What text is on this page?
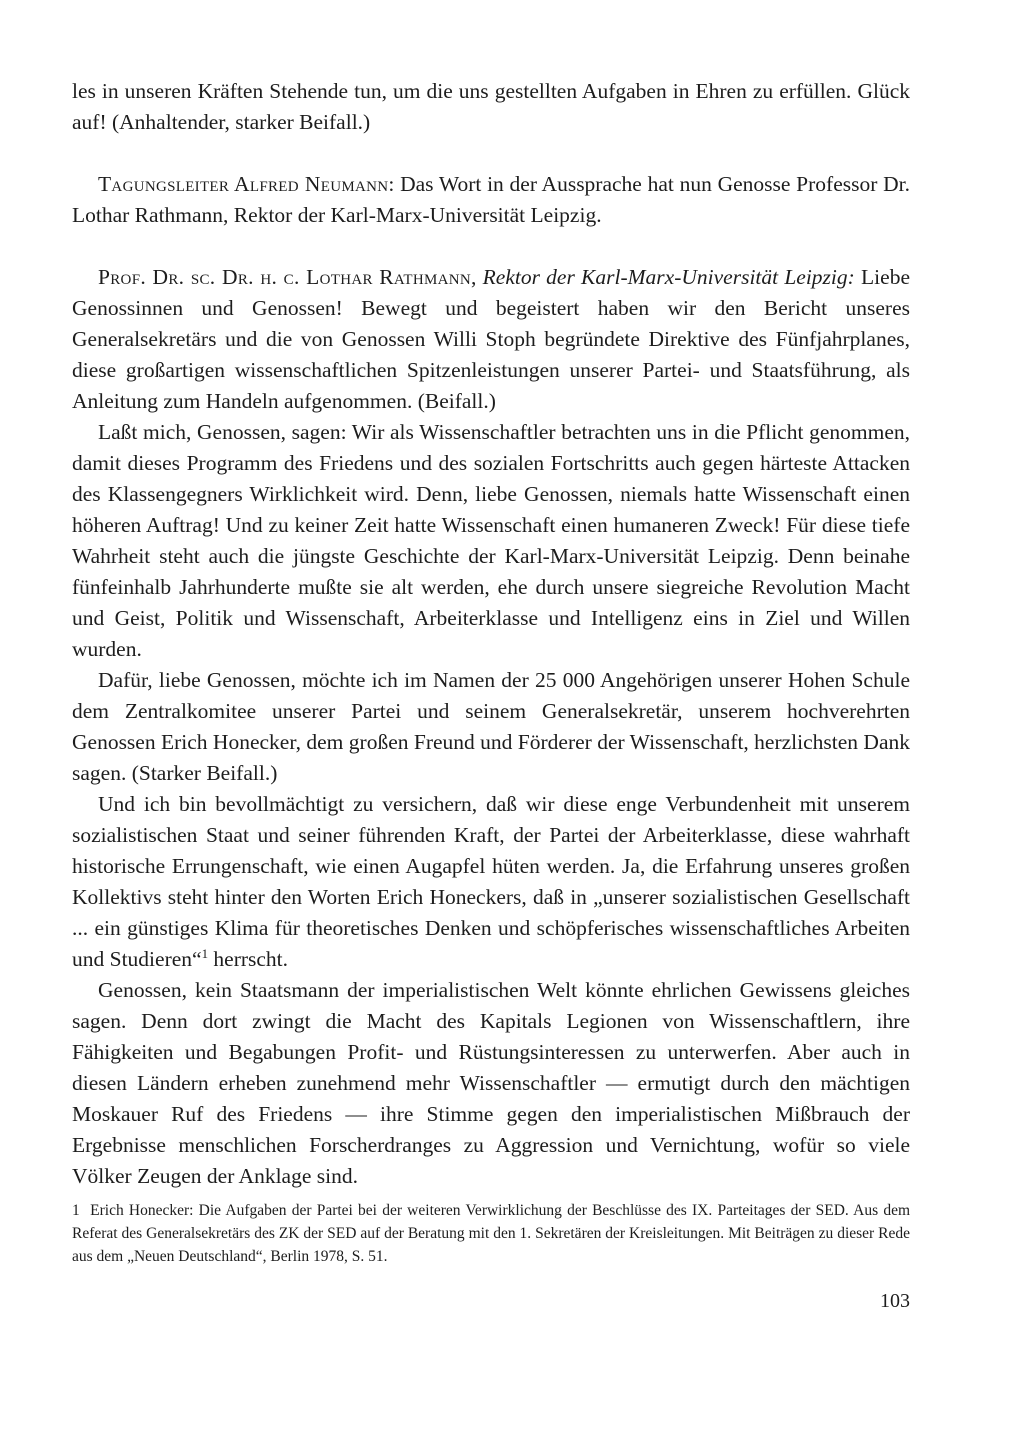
les in unseren Kräften Stehende tun, um die uns gestellten Aufgaben in Ehren zu erfüllen. Glück auf! (Anhaltender, starker Beifall.)

Tagungsleiter Alfred Neumann: Das Wort in der Aussprache hat nun Genosse Professor Dr. Lothar Rathmann, Rektor der Karl-Marx-Universität Leipzig.

Prof. Dr. sc. Dr. h. c. Lothar Rathmann, Rektor der Karl-Marx-Universität Leipzig: Liebe Genossinnen und Genossen! Bewegt und begeistert haben wir den Bericht unseres Generalsekretärs und die von Genossen Willi Stoph begründete Direktive des Fünfjahrplanes, diese großartigen wissenschaftlichen Spitzenleistungen unserer Partei- und Staatsführung, als Anleitung zum Handeln aufgenommen. (Beifall.)

Laßt mich, Genossen, sagen: Wir als Wissenschaftler betrachten uns in die Pflicht genommen, damit dieses Programm des Friedens und des sozialen Fortschritts auch gegen härteste Attacken des Klassengegners Wirklichkeit wird. Denn, liebe Genossen, niemals hatte Wissenschaft einen höheren Auftrag! Und zu keiner Zeit hatte Wissenschaft einen humaneren Zweck! Für diese tiefe Wahrheit steht auch die jüngste Geschichte der Karl-Marx-Universität Leipzig. Denn beinahe fünfeinhalb Jahrhunderte mußte sie alt werden, ehe durch unsere siegreiche Revolution Macht und Geist, Politik und Wissenschaft, Arbeiterklasse und Intelligenz eins in Ziel und Willen wurden.

Dafür, liebe Genossen, möchte ich im Namen der 25 000 Angehörigen unserer Hohen Schule dem Zentralkomitee unserer Partei und seinem Generalsekretär, unserem hochverehrten Genossen Erich Honecker, dem großen Freund und Förderer der Wissenschaft, herzlichsten Dank sagen. (Starker Beifall.)

Und ich bin bevollmächtigt zu versichern, daß wir diese enge Verbundenheit mit unserem sozialistischen Staat und seiner führenden Kraft, der Partei der Arbeiterklasse, diese wahrhaft historische Errungenschaft, wie einen Augapfel hüten werden. Ja, die Erfahrung unseres großen Kollektivs steht hinter den Worten Erich Honeckers, daß in „unserer sozialistischen Gesellschaft ... ein günstiges Klima für theoretisches Denken und schöpferisches wissenschaftliches Arbeiten und Studieren“$^1$ herrscht.

Genossen, kein Staatsmann der imperialistischen Welt könnte ehrlichen Gewissens gleiches sagen. Denn dort zwingt die Macht des Kapitals Legionen von Wissenschaftlern, ihre Fähigkeiten und Begabungen Profit- und Rüstungsinteressen zu unterwerfen. Aber auch in diesen Ländern erheben zunehmend mehr Wissenschaftler — ermutigt durch den mächtigen Moskauer Ruf des Friedens — ihre Stimme gegen den imperialistischen Mißbrauch der Ergebnisse menschlichen Forscherdranges zu Aggression und Vernichtung, wofür so viele Völker Zeugen der Anklage sind.

1 Erich Honecker: Die Aufgaben der Partei bei der weiteren Verwirklichung der Beschlüsse des IX. Parteitages der SED. Aus dem Referat des Generalsekretärs des ZK der SED auf der Beratung mit den 1. Sekretären der Kreisleitungen. Mit Beiträgen zu dieser Rede aus dem „Neuen Deutschland“, Berlin 1978, S. 51.

103
